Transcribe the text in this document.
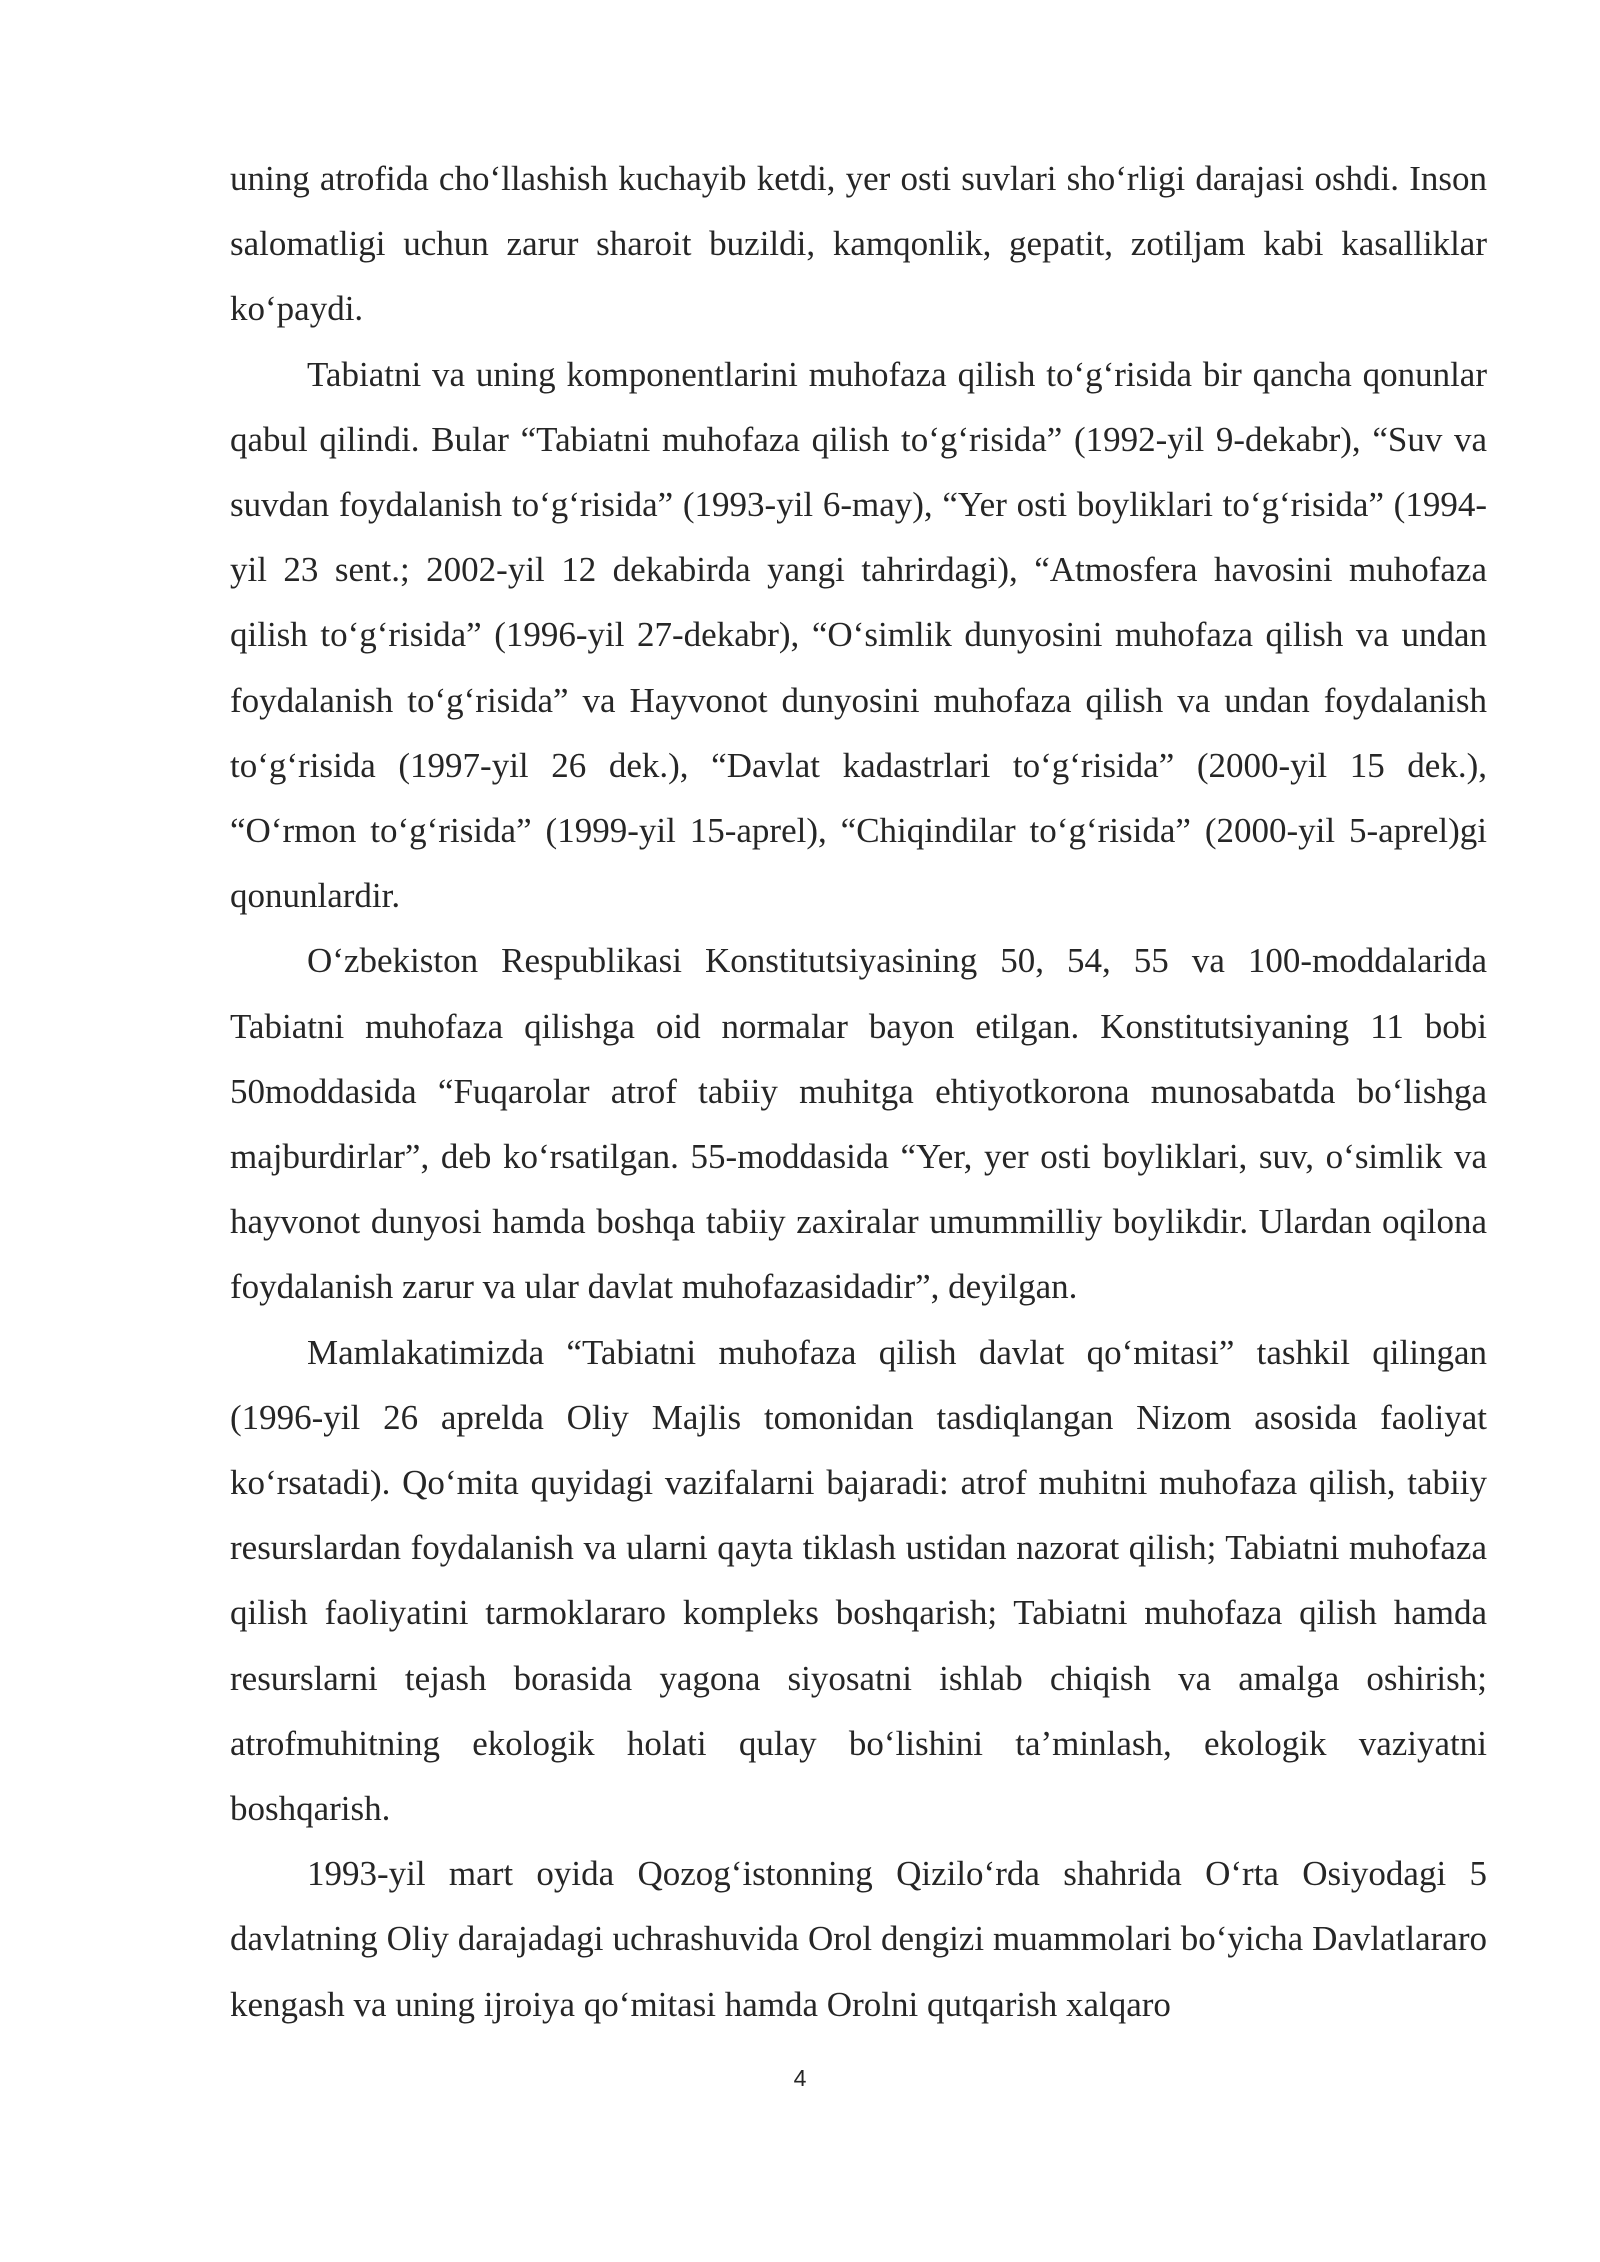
uning atrofida cho‘llashish kuchayib ketdi, yer osti suvlari sho‘rligi darajasi oshdi. Inson salomatligi uchun zarur sharoit buzildi, kamqonlik, gepatit, zotiljam kabi kasalliklar ko‘paydi.

Tabiatni va uning komponentlarini muhofaza qilish to‘g‘risida bir qancha qonunlar qabul qilindi. Bular “Tabiatni muhofaza qilish to‘g‘risida” (1992-yil 9-dekabr), “Suv va suvdan foydalanish to‘g‘risida” (1993-yil 6-may), “Yer osti boyliklari to‘g‘risida” (1994-yil 23 sent.; 2002-yil 12 dekabirda yangi tahrirdagi), “Atmosfera havosini muhofaza qilish to‘g‘risida” (1996-yil 27-dekabr), “O‘simlik dunyosini muhofaza qilish va undan foydalanish to‘g‘risida” va Hayvonot dunyosini muhofaza qilish va undan foydalanish to‘g‘risida (1997-yil 26 dek.), “Davlat kadastrlari to‘g‘risida” (2000-yil 15 dek.), “O‘rmon to‘g‘risida” (1999-yil 15-aprel), “Chiqindilar to‘g‘risida” (2000-yil 5-aprel)gi qonunlardir.

O‘zbekiston Respublikasi Konstitutsiyasining 50, 54, 55 va 100-moddalarida Tabiatni muhofaza qilishga oid normalar bayon etilgan. Konstitutsiyaning 11 bobi 50moddasida “Fuqarolar atrof tabiiy muhitga ehtiyotkorona munosabatda bo‘lishga majburdirlar”, deb ko‘rsatilgan. 55-moddasida “Yer, yer osti boyliklari, suv, o‘simlik va hayvonot dunyosi hamda boshqa tabiiy zaxiralar umummilliy boylikdir. Ulardan oqilona foydalanish zarur va ular davlat muhofazasidadir”, deyilgan.

Mamlakatimizda “Tabiatni muhofaza qilish davlat qo‘mitasi” tashkil qilingan (1996-yil 26 aprelda Oliy Majlis tomonidan tasdiqlangan Nizom asosida faoliyat ko‘rsatadi). Qo‘mita quyidagi vazifalarni bajaradi: atrof muhitni muhofaza qilish, tabiiy resurslardan foydalanish va ularni qayta tiklash ustidan nazorat qilish; Tabiatni muhofaza qilish faoliyatini tarmoklararo kompleks boshqarish; Tabiatni muhofaza qilish hamda resurslarni tejash borasida yagona siyosatni ishlab chiqish va amalga oshirish; atrofmuhitning ekologik holati qulay bo‘lishini ta’minlash, ekologik vaziyatni boshqarish.

1993-yil mart oyida Qozog‘istonning Qizilo‘rda shahrida O‘rta Osiyodagi 5 davlatning Oliy darajadagi uchrashuvida Orol dengizi muammolari bo‘yicha Davlatlararo kengash va uning ijroiya qo‘mitasi hamda Orolni qutqarish xalqaro

4
